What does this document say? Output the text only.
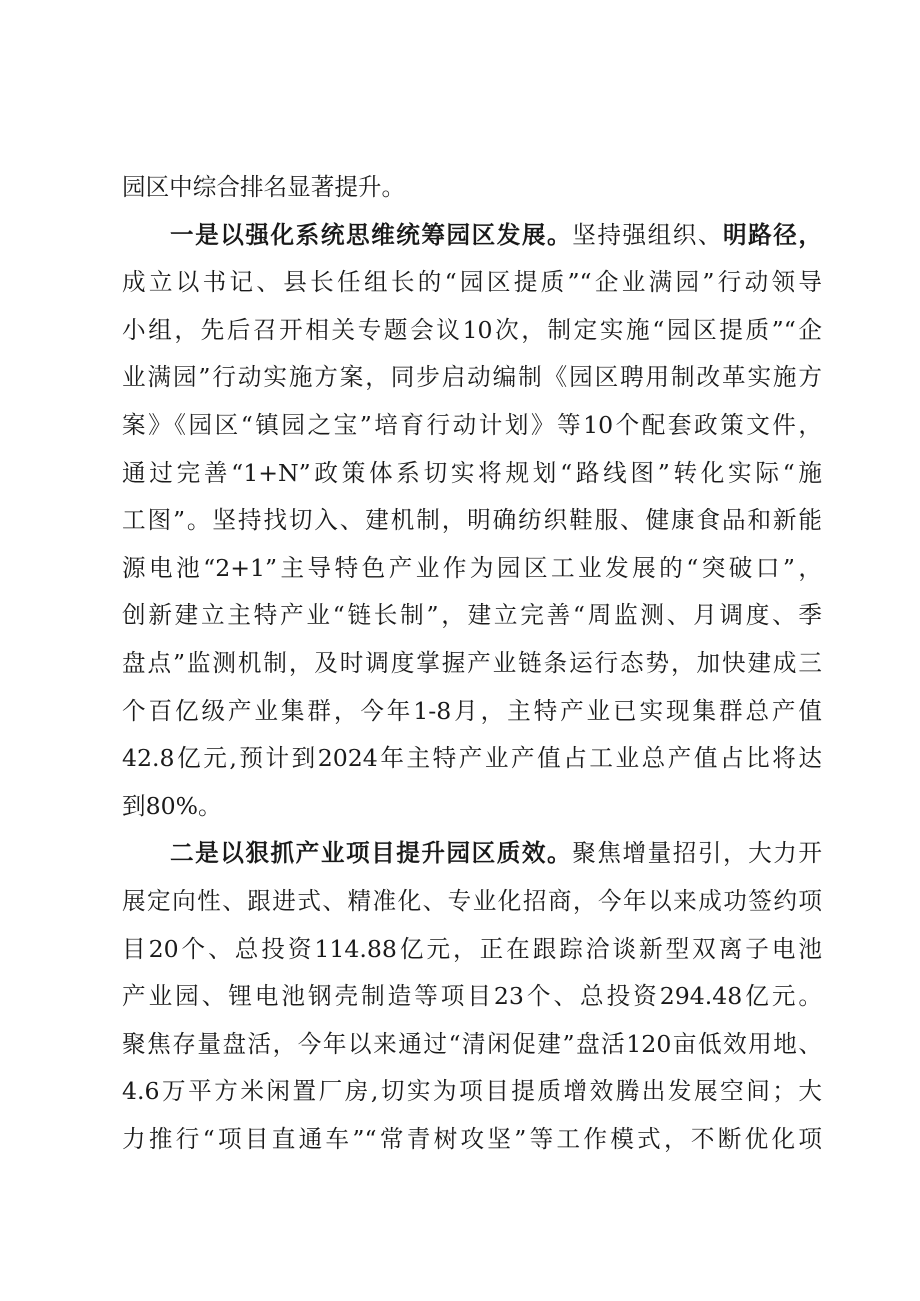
园区中综合排名显著提升。
一是以强化系统思维统筹园区发展。坚持强组织、明路径，
成立以书记、县长任组长的“园区提质”“企业满园”行动领导
小组，先后召开相关专题会议10次，制定实施“园区提质”“企
业满园”行动实施方案，同步启动编制《园区聘用制改革实施方
案》《园区“镇园之宝”培育行动计划》等10个配套政策文件，
通过完善“1+N”政策体系切实将规划“路线图”转化实际“施
工图”。坚持找切入、建机制，明确纺织鞋服、健康食品和新能
源电池“2+1”主导特色产业作为园区工业发展的“突破口”，
创新建立主特产业“链长制”，建立完善“周监测、月调度、季
盘点”监测机制，及时调度掌握产业链条运行态势，加快建成三
个百亿级产业集群，今年1-8月，主特产业已实现集群总产值
42.8亿元,预计到2024年主特产业产值占工业总产值占比将达
到80%。
二是以狠抓产业项目提升园区质效。聚焦增量招引，大力开
展定向性、跟进式、精准化、专业化招商，今年以来成功签约项
目20个、总投资114.88亿元，正在跟踪洽谈新型双离子电池
产业园、锂电池钢壳制造等项目23个、总投资294.48亿元。
聚焦存量盘活，今年以来通过“清闲促建”盘活120亩低效用地、
4.6万平方米闲置厂房,切实为项目提质增效腾出发展空间；大
力推行“项目直通车”“常青树攻坚”等工作模式，不断优化项
